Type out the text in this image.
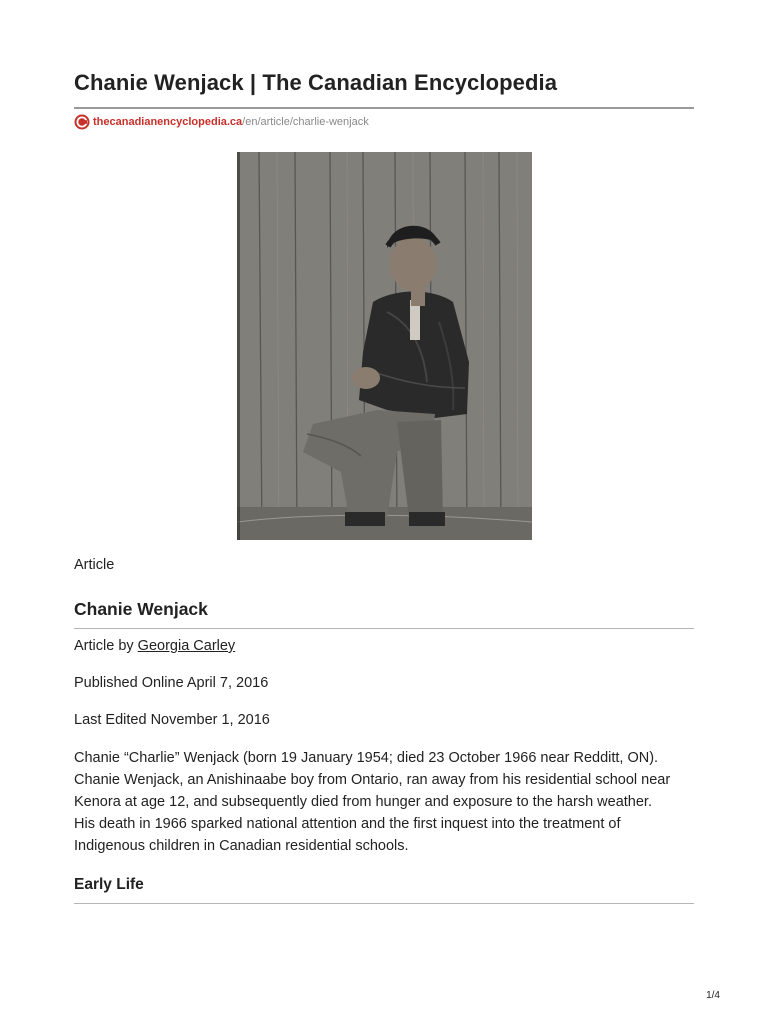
Chanie Wenjack | The Canadian Encyclopedia
thecanadianencyclopedia.ca /en/article/charlie-wenjack
Article
Chanie Wenjack
Article by Georgia Carley
Published Online April 7, 2016
Last Edited November 1, 2016

Chanie “Charlie” Wenjack (born 19 January 1954; died 23 October 1966 near Redditt, ON).
Chanie Wenjack, an Anishinaabe boy from Ontario, ran away from his residential school near
Kenora at age 12, and subsequently died from hunger and exposure to the harsh weather.
His death in 1966 sparked national attention and the first inquest into the treatment of
Indigenous children in Canadian residential schools.

Early Life
1/4
